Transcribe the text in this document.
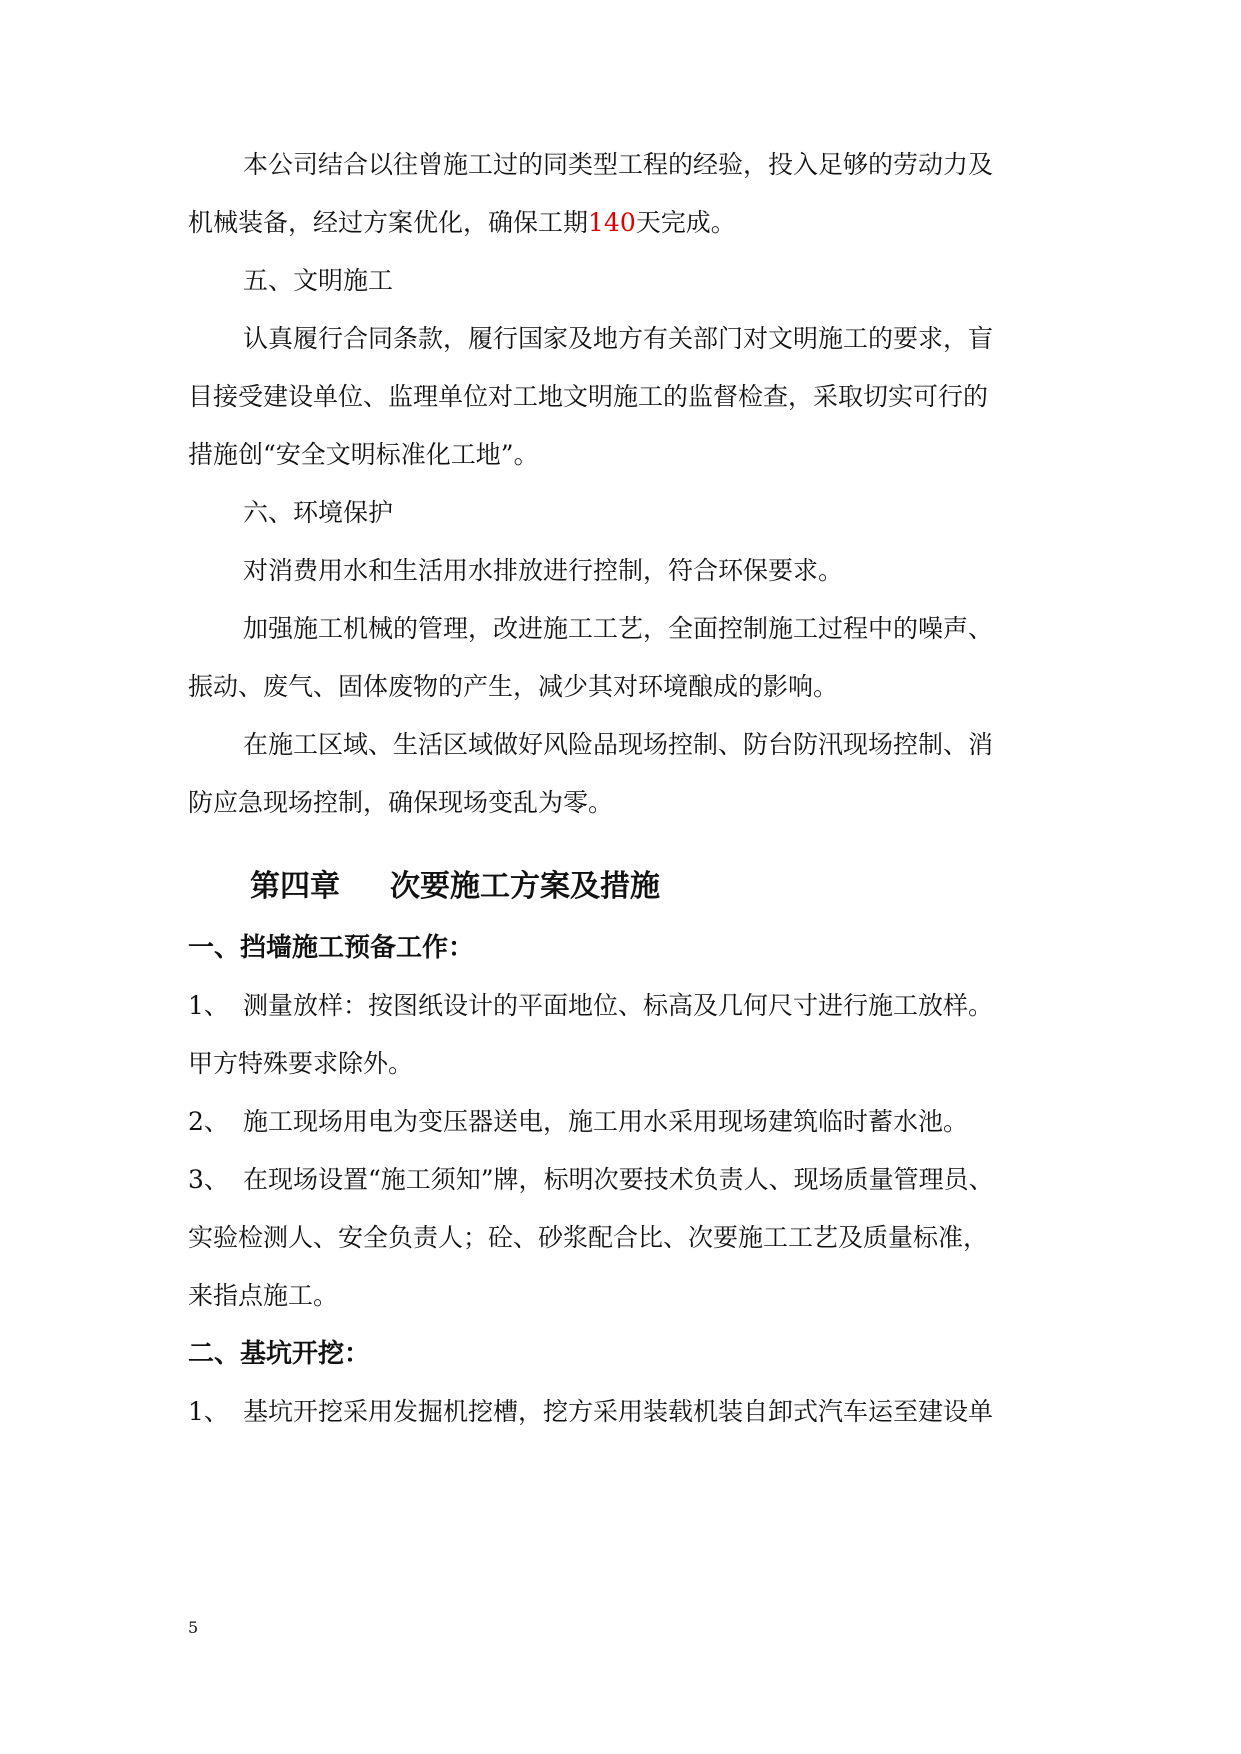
本公司结合以往曾施工过的同类型工程的经验，投入足够的劳动力及
机械装备，经过方案优化，确保工期140天完成。
五、文明施工
认真履行合同条款，履行国家及地方有关部门对文明施工的要求，盲
目接受建设单位、监理单位对工地文明施工的监督检查，采取切实可行的
措施创“安全文明标准化工地”。
六、环境保护
对消费用水和生活用水排放进行控制，符合环保要求。
加强施工机械的管理，改进施工工艺，全面控制施工过程中的噪声、
振动、废气、固体废物的产生，减少其对环境酿成的影响。
在施工区域、生活区域做好风险品现场控制、防台防汛现场控制、消
防应急现场控制，确保现场变乱为零。
第四章 次要施工方案及措施
一、挡墙施工预备工作：
1、 测量放样：按图纸设计的平面地位、标高及几何尺寸进行施工放样。
甲方特殊要求除外。
2、 施工现场用电为变压器送电，施工用水采用现场建筑临时蓄水池。
3、 在现场设置“施工须知”牌，标明次要技术负责人、现场质量管理员、
实验检测人、安全负责人；砼、砂浆配合比、次要施工工艺及质量标准，
来指点施工。
二、基坑开挖：
1、 基坑开挖采用发掘机挖槽，挖方采用装载机装自卸式汽车运至建设单
5
